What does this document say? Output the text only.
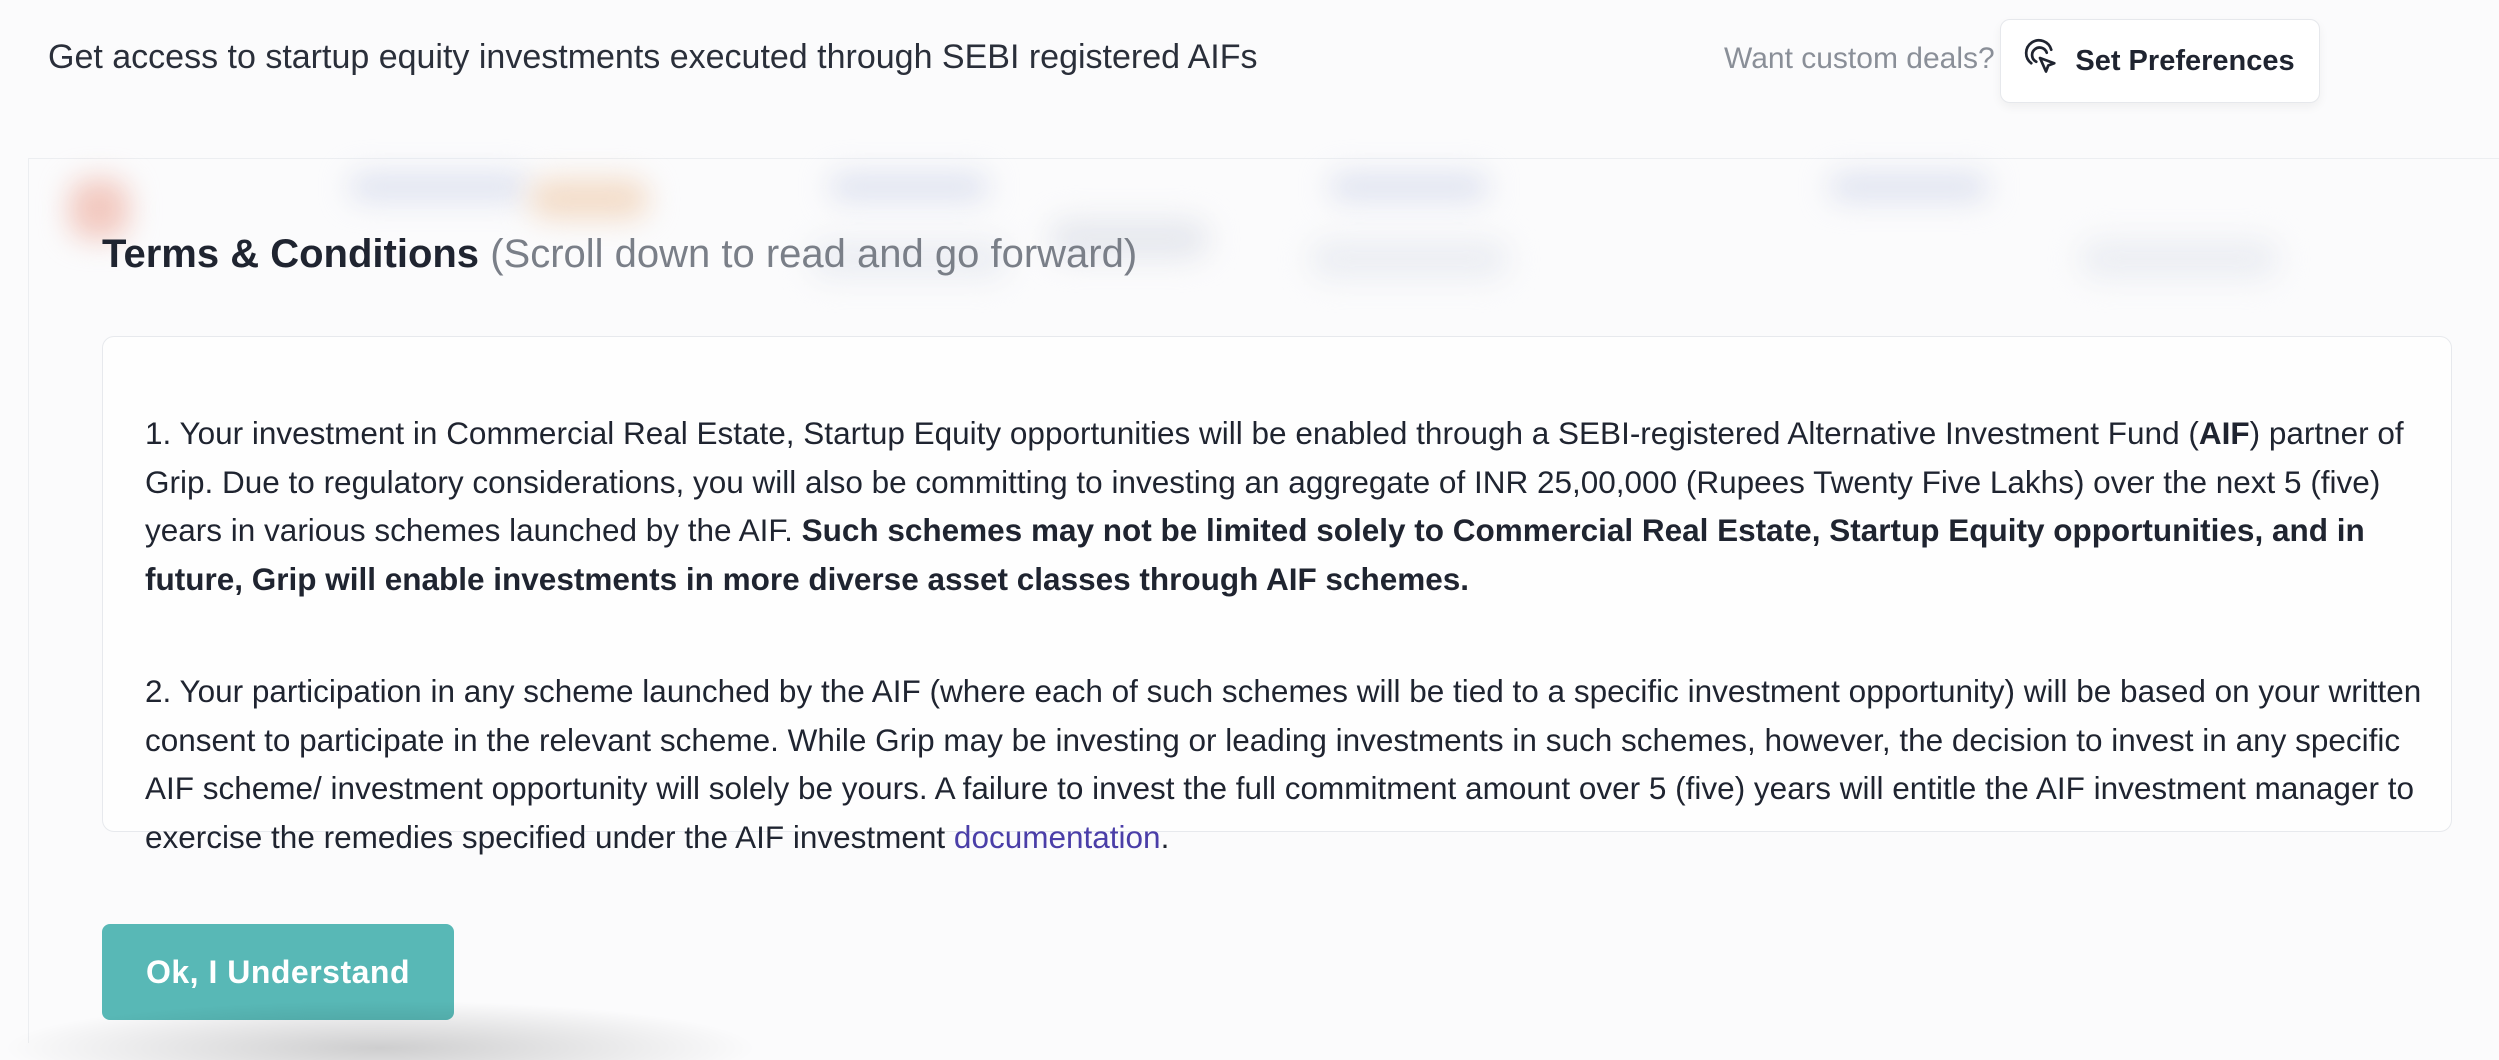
Get access to startup equity investments executed through SEBI registered AIFs	Want custom deals?	Set Preferences
Terms & Conditions (Scroll down to read and go forward)

1. Your investment in Commercial Real Estate, Startup Equity opportunities will be enabled through a SEBI-registered Alternative Investment Fund (AIF) partner of Grip. Due to regulatory considerations, you will also be committing to investing an aggregate of INR 25,00,000 (Rupees Twenty Five Lakhs) over the next 5 (five) years in various schemes launched by the AIF. Such schemes may not be limited solely to Commercial Real Estate, Startup Equity opportunities, and in future, Grip will enable investments in more diverse asset classes through AIF schemes.

2. Your participation in any scheme launched by the AIF (where each of such schemes will be tied to a specific investment opportunity) will be based on your written consent to participate in the relevant scheme. While Grip may be investing or leading investments in such schemes, however, the decision to invest in any specific AIF scheme/ investment opportunity will solely be yours. A failure to invest the full commitment amount over 5 (five) years will entitle the AIF investment manager to exercise the remedies specified under the AIF investment documentation.

Ok, I Understand
